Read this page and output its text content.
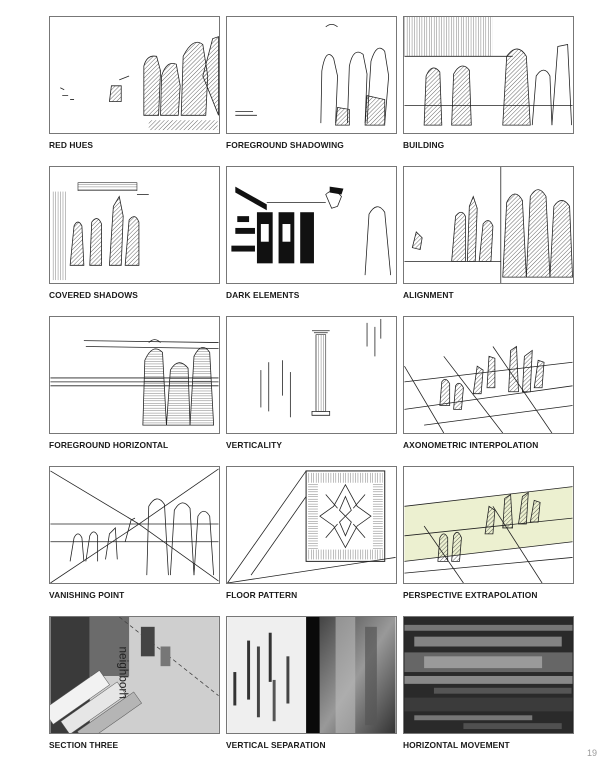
RED HUES	FOREGROUND SHADOWING	BUILDING
COVERED SHADOWS	DARK ELEMENTS	ALIGNMENT
FOREGROUND HORIZONTAL	VERTICALITY	AXONOMETRIC INTERPOLATION
VANISHING POINT	FLOOR PATTERN	PERSPECTIVE EXTRAPOLATION
neighborh
SECTION THREE	VERTICAL SEPARATION	HORIZONTAL MOVEMENT
19
